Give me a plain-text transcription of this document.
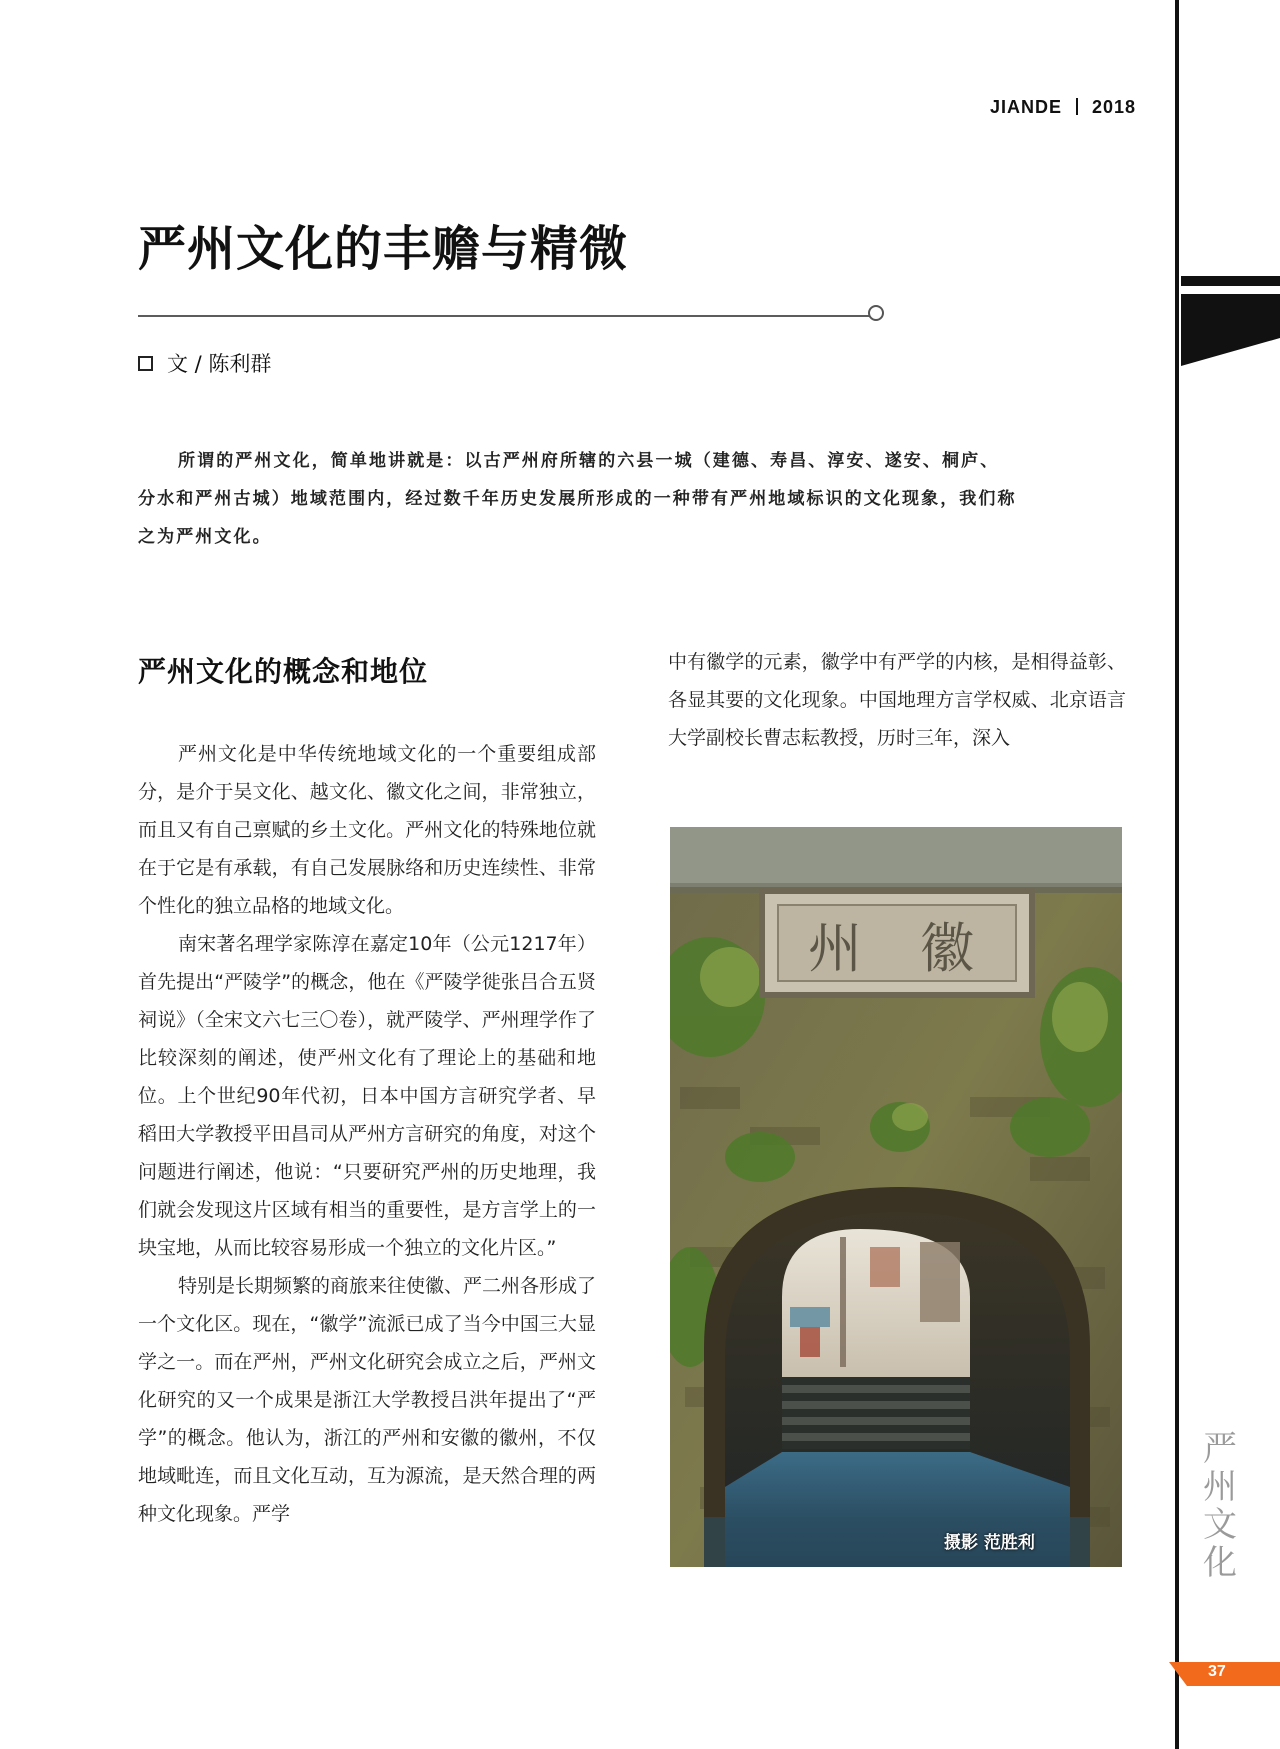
JIANDE 2018
严州文化的丰赡与精微
文 / 陈利群

所谓的严州文化，简单地讲就是：以古严州府所辖的六县一城（建德、寿昌、淳安、遂安、桐庐、分水和严州古城）地域范围内，经过数千年历史发展所形成的一种带有严州地域标识的文化现象，我们称之为严州文化。

严州文化的概念和地位

严州文化是中华传统地域文化的一个重要组成部分，是介于吴文化、越文化、徽文化之间，非常独立，而且又有自己禀赋的乡土文化。严州文化的特殊地位就在于它是有承载，有自己发展脉络和历史连续性、非常个性化的独立品格的地域文化。

南宋著名理学家陈淳在嘉定10年（公元1217年）首先提出“严陵学”的概念，他在《严陵学徙张吕合五贤祠说》（全宋文六七三〇卷），就严陵学、严州理学作了比较深刻的阐述，使严州文化有了理论上的基础和地位。上个世纪90年代初，日本中国方言研究学者、早稻田大学教授平田昌司从严州方言研究的角度，对这个问题进行阐述，他说：“只要研究严州的历史地理，我们就会发现这片区域有相当的重要性，是方言学上的一块宝地，从而比较容易形成一个独立的文化片区。”

特别是长期频繁的商旅来往使徽、严二州各形成了一个文化区。现在，“徽学”流派已成了当今中国三大显学之一。而在严州，严州文化研究会成立之后，严州文化研究的又一个成果是浙江大学教授吕洪年提出了“严学”的概念。他认为，浙江的严州和安徽的徽州，不仅地域毗连，而且文化互动，互为源流，是天然合理的两种文化现象。严学

中有徽学的元素，徽学中有严学的内核，是相得益彰、各显其要的文化现象。中国地理方言学权威、北京语言大学副校长曹志耘教授，历时三年，深入

州 徽
摄影 范胜利
严
州
文
化
37
